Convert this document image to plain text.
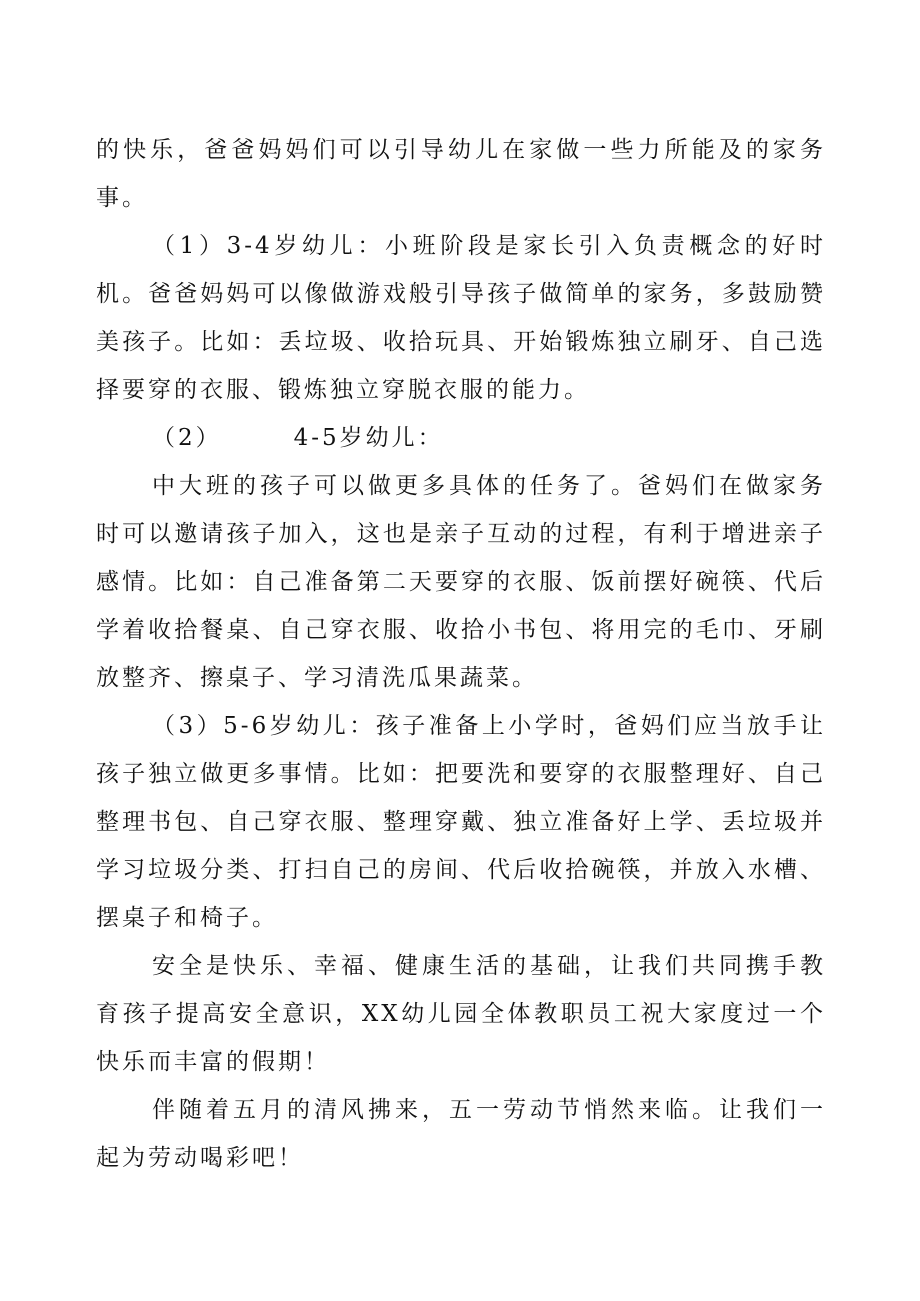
的快乐，爸爸妈妈们可以引导幼儿在家做一些力所能及的家务事。

（1）3-4岁幼儿：小班阶段是家长引入负责概念的好时机。爸爸妈妈可以像做游戏般引导孩子做简单的家务，多鼓励赞美孩子。比如：丢垃圾、收拾玩具、开始锻炼独立刷牙、自己选择要穿的衣服、锻炼独立穿脱衣服的能力。

（2）	4-5岁幼儿：

中大班的孩子可以做更多具体的任务了。爸妈们在做家务时可以邀请孩子加入，这也是亲子互动的过程，有利于增进亲子感情。比如：自己准备第二天要穿的衣服、饭前摆好碗筷、代后学着收拾餐桌、自己穿衣服、收拾小书包、将用完的毛巾、牙刷放整齐、擦桌子、学习清洗瓜果蔬菜。

（3）5-6岁幼儿：孩子准备上小学时，爸妈们应当放手让孩子独立做更多事情。比如：把要洗和要穿的衣服整理好、自己整理书包、自己穿衣服、整理穿戴、独立准备好上学、丢垃圾并学习垃圾分类、打扫自己的房间、代后收拾碗筷，并放入水槽、摆桌子和椅子。

安全是快乐、幸福、健康生活的基础，让我们共同携手教育孩子提高安全意识，XX幼儿园全体教职员工祝大家度过一个快乐而丰富的假期！

伴随着五月的清风拂来，五一劳动节悄然来临。让我们一起为劳动喝彩吧！
